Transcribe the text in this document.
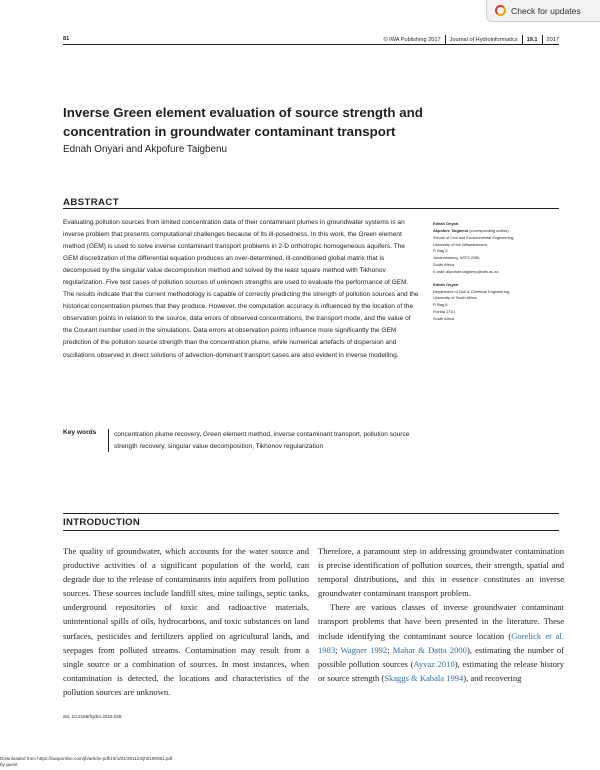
Check for updates
81	© IWA Publishing 2017 Journal of Hydroinformatics 19.1 2017
Inverse Green element evaluation of source strength and concentration in groundwater contaminant transport
Ednah Onyari and Akpofure Taigbenu
ABSTRACT
Evaluating pollution sources from limited concentration data of their contaminant plumes in groundwater systems is an inverse problem that presents computational challenges because of its ill-posedness. In this work, the Green element method (GEM) is used to solve inverse contaminant transport problems in 2-D orthotropic homogeneous aquifers. The GEM discretization of the differential equation produces an over-determined, ill-conditioned global matrix that is decomposed by the singular value decomposition method and solved by the least square method with Tikhonov regularization. Five test cases of pollution sources of unknown strengths are used to evaluate the performance of GEM. The results indicate that the current methodology is capable of correctly predicting the strength of pollution sources and the historical concentration plumes that they produce. However, the computation accuracy is influenced by the location of the observation points in relation to the source, data errors of observed concentrations, the transport mode, and the value of the Courant number used in the simulations. Data errors at observation points influence more significantly the GEM prediction of the pollution source strength than the concentration plume, while numerical artefacts of dispersion and oscillations observed in direct solutions of advection-dominant transport cases are also evident in inverse modelling.
Key words	concentration plume recovery, Green element method, inverse contaminant transport, pollution source strength recovery, singular value decomposition, Tikhonov regularization
Ednah Onyari
Akpofure Taigbenu (corresponding author)
School of Civil and Environmental Engineering,
University of the Witwatersrand,
P. Bag 3,
Johannesburg, WITS 2050,
South Africa
E-mail: akpofure.taigbenu@wits.ac.za
Ednah Onyari
Department of Civil & Chemical Engineering,
University of South Africa,
P. Bag 6,
Florida 1710,
South Africa
INTRODUCTION

The quality of groundwater, which accounts for the water source and productive activities of a significant population of the world, can degrade due to the release of contaminants into aquifers from pollution sources. These sources include landfill sites, mine tailings, septic tanks, underground repositories of toxic and radioactive materials, unintentional spills of oils, hydrocarbons, and toxic substances on land surfaces, pesticides and fertilizers applied on agricultural lands, and seepages from polluted streams. Contamination may result from a single source or a combination of sources. In most instances, when contamination is detected, the locations and characteristics of the pollution sources are unknown.

Therefore, a paramount step in addressing groundwater contamination is precise identification of pollution sources, their strength, spatial and temporal distributions, and this in essence constitutes an inverse groundwater contaminant transport problem.

There are various classes of inverse groundwater contaminant transport problems that have been presented in the literature. These include identifying the contaminant source location (Gorelick et al. 1983; Wagner 1992; Mahar & Datta 2000), estimating the number of possible pollution sources (Ayvaz 2010), estimating the release history or source strength (Skaggs & Kabala 1994), and recovering

doi: 10.2166/hydro.2016.028
Downloaded from https://iwaponline.com/jh/article-pdf/19/1/81/391123/jh0190081.pdf
by guest
